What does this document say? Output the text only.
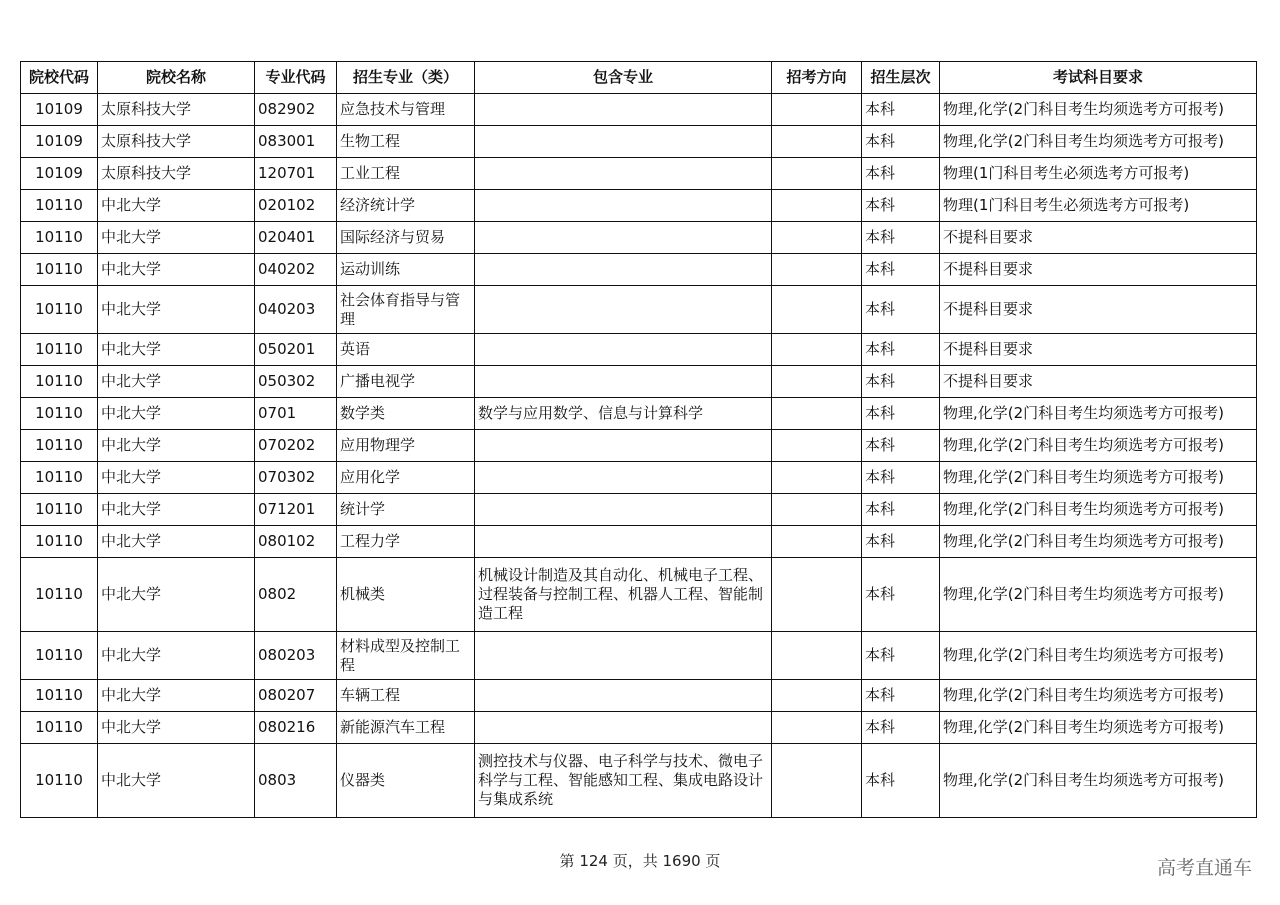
院校代码	院校名称	专业代码	招生专业（类）	包含专业	招考方向	招生层次	考试科目要求
10109	太原科技大学	082902	应急技术与管理			本科	物理,化学(2门科目考生均须选考方可报考)
10109	太原科技大学	083001	生物工程			本科	物理,化学(2门科目考生均须选考方可报考)
10109	太原科技大学	120701	工业工程			本科	物理(1门科目考生必须选考方可报考)
10110	中北大学	020102	经济统计学			本科	物理(1门科目考生必须选考方可报考)
10110	中北大学	020401	国际经济与贸易			本科	不提科目要求
10110	中北大学	040202	运动训练			本科	不提科目要求
10110	中北大学	040203	社会体育指导与管理			本科	不提科目要求
10110	中北大学	050201	英语			本科	不提科目要求
10110	中北大学	050302	广播电视学			本科	不提科目要求
10110	中北大学	0701	数学类	数学与应用数学、信息与计算科学		本科	物理,化学(2门科目考生均须选考方可报考)
10110	中北大学	070202	应用物理学			本科	物理,化学(2门科目考生均须选考方可报考)
10110	中北大学	070302	应用化学			本科	物理,化学(2门科目考生均须选考方可报考)
10110	中北大学	071201	统计学			本科	物理,化学(2门科目考生均须选考方可报考)
10110	中北大学	080102	工程力学			本科	物理,化学(2门科目考生均须选考方可报考)
10110	中北大学	0802	机械类	机械设计制造及其自动化、机械电子工程、过程装备与控制工程、机器人工程、智能制造工程		本科	物理,化学(2门科目考生均须选考方可报考)
10110	中北大学	080203	材料成型及控制工程			本科	物理,化学(2门科目考生均须选考方可报考)
10110	中北大学	080207	车辆工程			本科	物理,化学(2门科目考生均须选考方可报考)
10110	中北大学	080216	新能源汽车工程			本科	物理,化学(2门科目考生均须选考方可报考)
10110	中北大学	0803	仪器类	测控技术与仪器、电子科学与技术、微电子科学与工程、智能感知工程、集成电路设计与集成系统		本科	物理,化学(2门科目考生均须选考方可报考)
第 124 页，共 1690 页	高考直通车
